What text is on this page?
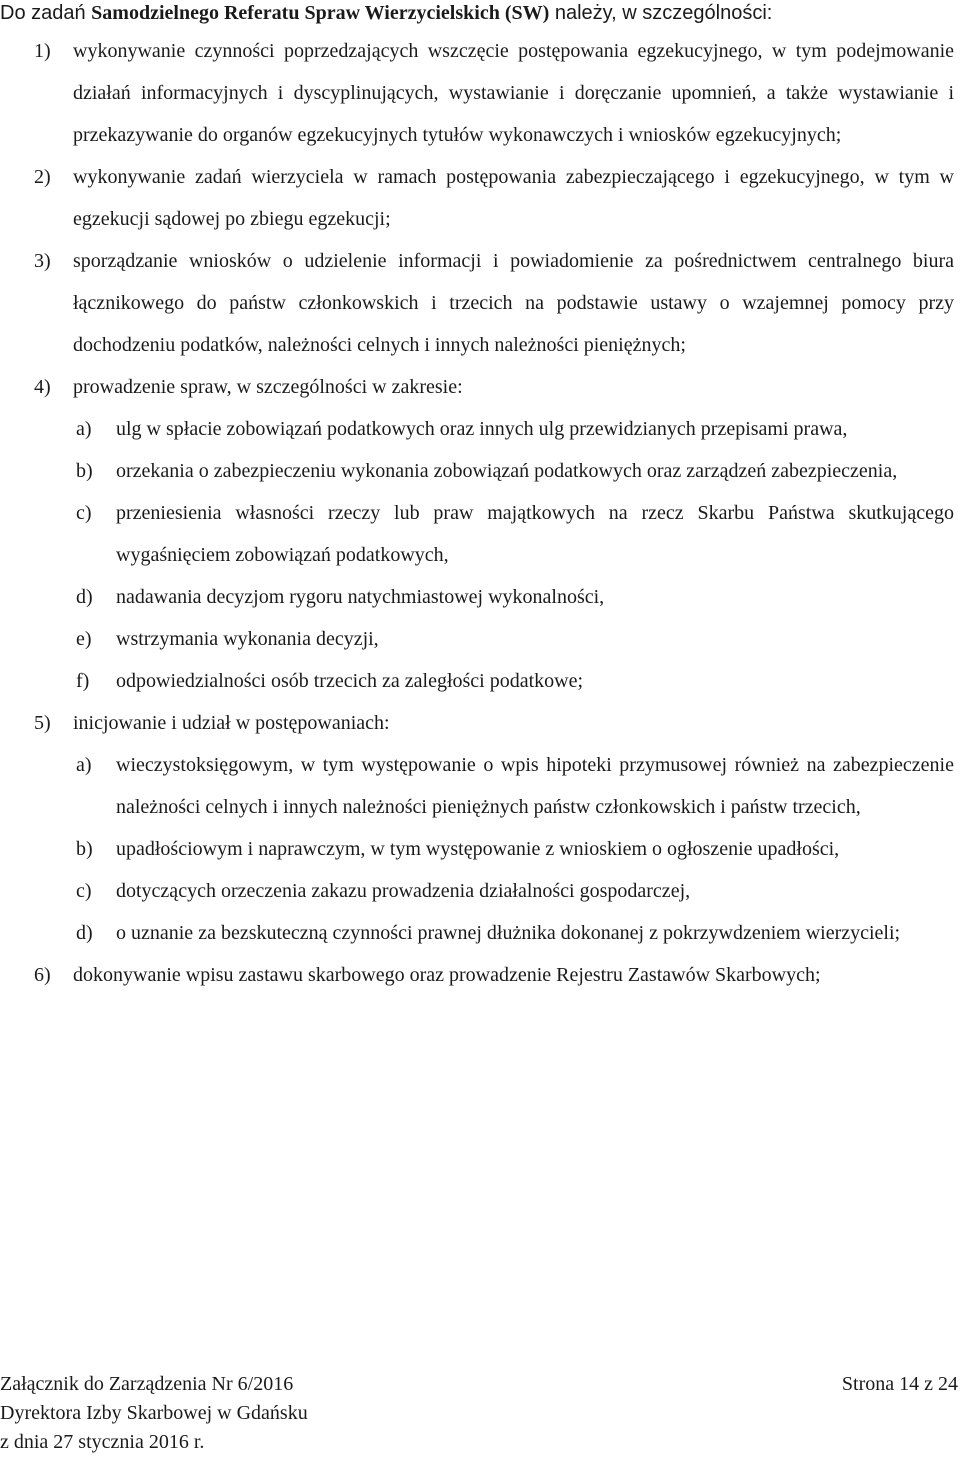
Do zadań Samodzielnego Referatu Spraw Wierzycielskich (SW) należy, w szczególności:
1) wykonywanie czynności poprzedzających wszczęcie postępowania egzekucyjnego, w tym podejmowanie działań informacyjnych i dyscyplinujących, wystawianie i doręczanie upomnień, a także wystawianie i przekazywanie do organów egzekucyjnych tytułów wykonawczych i wniosków egzekucyjnych;
2) wykonywanie zadań wierzyciela w ramach postępowania zabezpieczającego i egzekucyjnego, w tym w egzekucji sądowej po zbiegu egzekucji;
3) sporządzanie wniosków o udzielenie informacji i powiadomienie za pośrednictwem centralnego biura łącznikowego do państw członkowskich i trzecich na podstawie ustawy o wzajemnej pomocy przy dochodzeniu podatków, należności celnych i innych należności pieniężnych;
4) prowadzenie spraw, w szczególności w zakresie:
a) ulg w spłacie zobowiązań podatkowych oraz innych ulg przewidzianych przepisami prawa,
b) orzekania o zabezpieczeniu wykonania zobowiązań podatkowych oraz zarządzeń zabezpieczenia,
c) przeniesienia własności rzeczy lub praw majątkowych na rzecz Skarbu Państwa skutkującego wygaśnięciem zobowiązań podatkowych,
d) nadawania decyzjom rygoru natychmiastowej wykonalności,
e) wstrzymania wykonania decyzji,
f) odpowiedzialności osób trzecich za zaległości podatkowe;
5) inicjowanie i udział w postępowaniach:
a) wieczystoksięgowym, w tym występowanie o wpis hipoteki przymusowej również na zabezpieczenie należności celnych i innych należności pieniężnych państw członkowskich i państw trzecich,
b) upadłościowym i naprawczym, w tym występowanie z wnioskiem o ogłoszenie upadłości,
c) dotyczących orzeczenia zakazu prowadzenia działalności gospodarczej,
d) o uznanie za bezskuteczną czynności prawnej dłużnika dokonanej z pokrzywdzeniem wierzycieli;
6) dokonywanie wpisu zastawu skarbowego oraz prowadzenie Rejestru Zastawów Skarbowych;
Załącznik do Zarządzenia Nr 6/2016	Strona 14 z 24
Dyrektora Izby Skarbowej w Gdańsku
z dnia 27 stycznia 2016 r.
